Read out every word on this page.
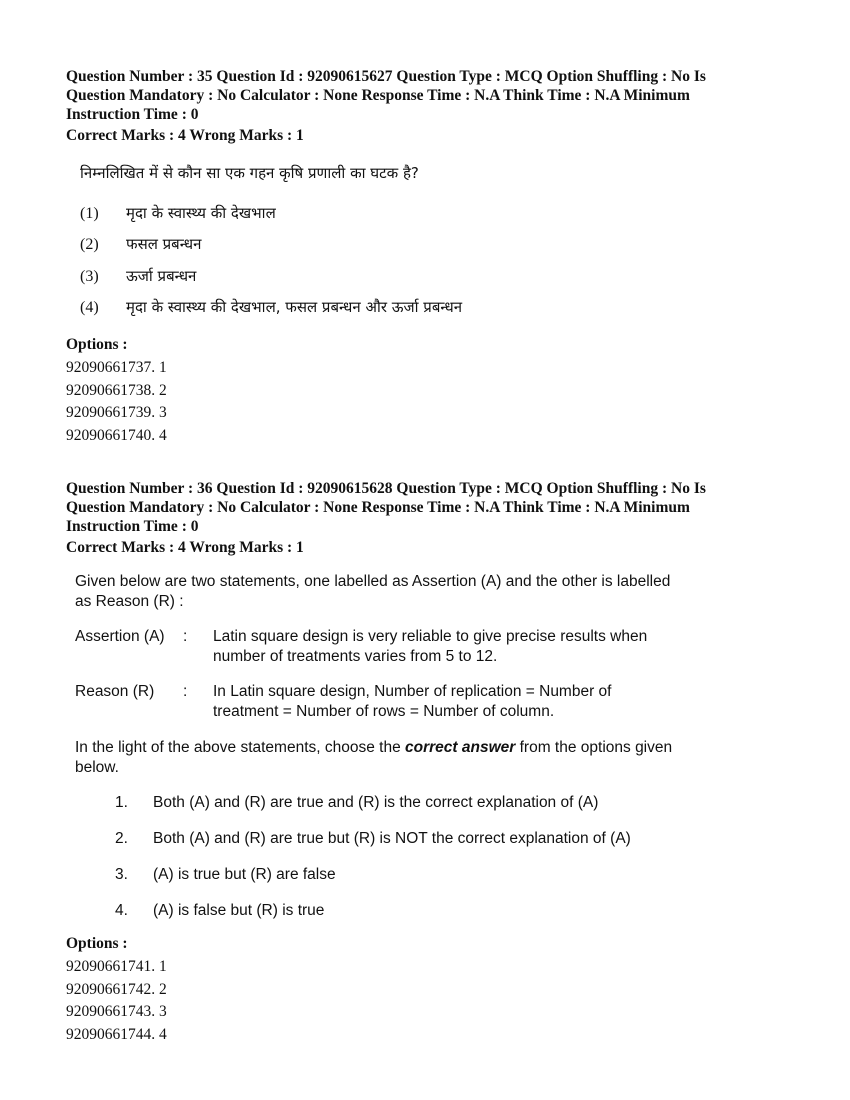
Question Number : 35 Question Id : 92090615627 Question Type : MCQ Option Shuffling : No Is
Question Mandatory : No Calculator : None Response Time : N.A Think Time : N.A Minimum
Instruction Time : 0
Correct Marks : 4 Wrong Marks : 1
निम्नलिखित में से कौन सा एक गहन कृषि प्रणाली का घटक है?
(1) मृदा के स्वास्थ्य की देखभाल
(2) फसल प्रबन्धन
(3) ऊर्जा प्रबन्धन
(4) मृदा के स्वास्थ्य की देखभाल, फसल प्रबन्धन और ऊर्जा प्रबन्धन
Options :
92090661737. 1
92090661738. 2
92090661739. 3
92090661740. 4
Question Number : 36 Question Id : 92090615628 Question Type : MCQ Option Shuffling : No Is
Question Mandatory : No Calculator : None Response Time : N.A Think Time : N.A Minimum
Instruction Time : 0
Correct Marks : 4 Wrong Marks : 1
Given below are two statements, one labelled as Assertion (A) and the other is labelled as Reason (R) :
Assertion (A) : Latin square design is very reliable to give precise results when number of treatments varies from 5 to 12.
Reason (R) : In Latin square design, Number of replication = Number of treatment = Number of rows = Number of column.
In the light of the above statements, choose the correct answer from the options given below.
1. Both (A) and (R) are true and (R) is the correct explanation of (A)
2. Both (A) and (R) are true but (R) is NOT the correct explanation of (A)
3. (A) is true but (R) are false
4. (A) is false but (R) is true
Options :
92090661741. 1
92090661742. 2
92090661743. 3
92090661744. 4
